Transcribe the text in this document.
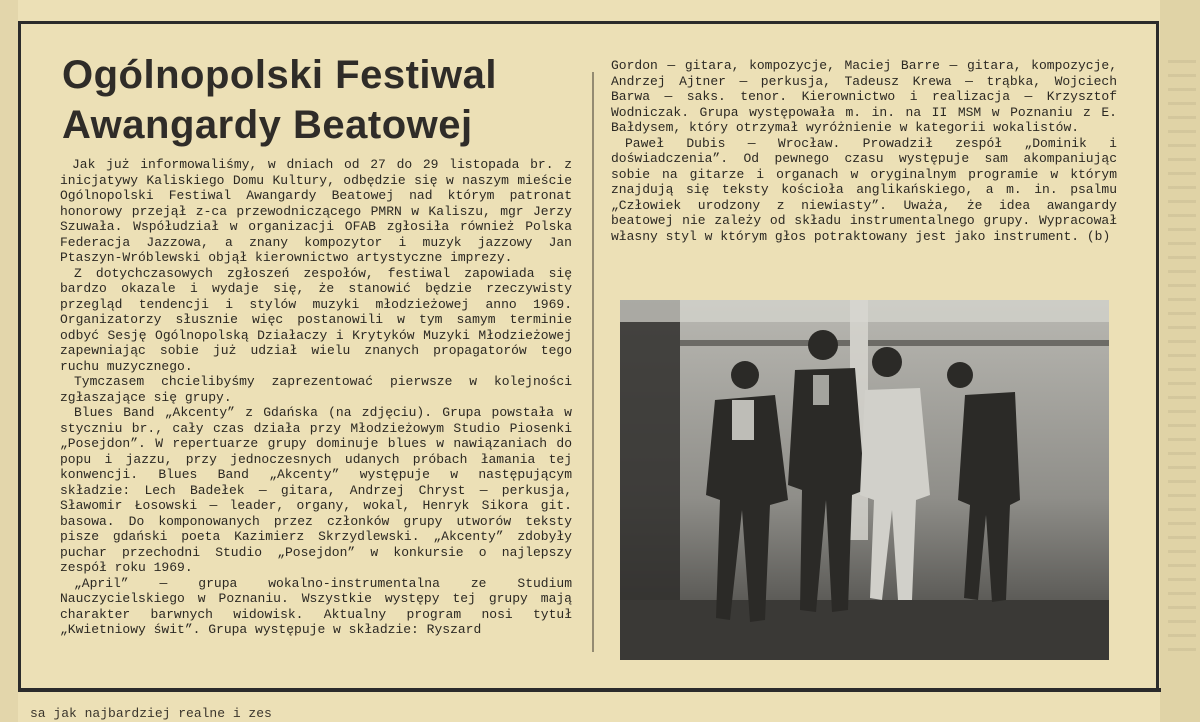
Ogólnopolski Festiwal
Awangardy Beatowej

Jak już informowaliśmy, w dniach od 27 do 29 listopada br. z inicjatywy Kaliskiego Domu Kultury, odbędzie się w naszym mieście Ogólnopolski Festiwal Awangardy Beatowej nad którym patronat honorowy przejął z-ca przewodniczącego PMRN w Kaliszu, mgr Jerzy Szuwała. Współudział w organizacji OFAB zgłosiła również Polska Federacja Jazzowa, a znany kompozytor i muzyk jazzowy Jan Ptaszyn-Wróblewski objął kierownictwo artystyczne imprezy.

Z dotychczasowych zgłoszeń zespołów, festiwal zapowiada się bardzo okazale i wydaje się, że stanowić będzie rzeczywisty przegląd tendencji i stylów muzyki młodzieżowej anno 1969. Organizatorzy słusznie więc postanowili w tym samym terminie odbyć Sesję Ogólnopolską Działaczy i Krytyków Muzyki Młodzieżowej zapewniając sobie już udział wielu znanych propagatorów tego ruchu muzycznego.

Tymczasem chcielibyśmy zaprezentować pierwsze w kolejności zgłaszające się grupy.

Blues Band „Akcenty” z Gdańska (na zdjęciu). Grupa powstała w styczniu br., cały czas działa przy Młodzieżowym Studio Piosenki „Posejdon”. W repertuarze grupy dominuje blues w nawiązaniach do popu i jazzu, przy jednoczesnych udanych próbach łamania tej konwencji. Blues Band „Akcenty” występuje w następującym składzie: Lech Badełek — gitara, Andrzej Chryst — perkusja, Sławomir Łosowski — leader, organy, wokal, Henryk Sikora git. basowa. Do komponowanych przez członków grupy utworów teksty pisze gdański poeta Kazimierz Skrzydlewski. „Akcenty” zdobyły puchar przechodni Studio „Posejdon” w konkursie o najlepszy zespół roku 1969.

„April” — grupa wokalno-instrumentalna ze Studium Nauczycielskiego w Poznaniu. Wszystkie występy tej grupy mają charakter barwnych widowisk. Aktualny program nosi tytuł „Kwietniowy świt”. Grupa występuje w składzie: Ryszard

Gordon — gitara, kompozycje, Maciej Barre — gitara, kompozycje, Andrzej Ajtner — perkusja, Tadeusz Krewa — trąbka, Wojciech Barwa — saks. tenor. Kierownictwo i realizacja — Krzysztof Wodniczak. Grupa występowała m. in. na II MSM w Poznaniu z E. Bałdysem, który otrzymał wyróżnienie w kategorii wokalistów.

Paweł Dubis — Wrocław. Prowadził zespół „Dominik i doświadczenia”. Od pewnego czasu występuje sam akompaniując sobie na gitarze i organach w oryginalnym programie w którym znajdują się teksty kościoła anglikańskiego, a m. in. psalmu „Człowiek urodzony z niewiasty”. Uważa, że idea awangardy beatowej nie zależy od składu instrumentalnego grupy. Wypracował własny styl w którym głos potraktowany jest jako instrument. (b)

sa jak najbardziej realne i zes
